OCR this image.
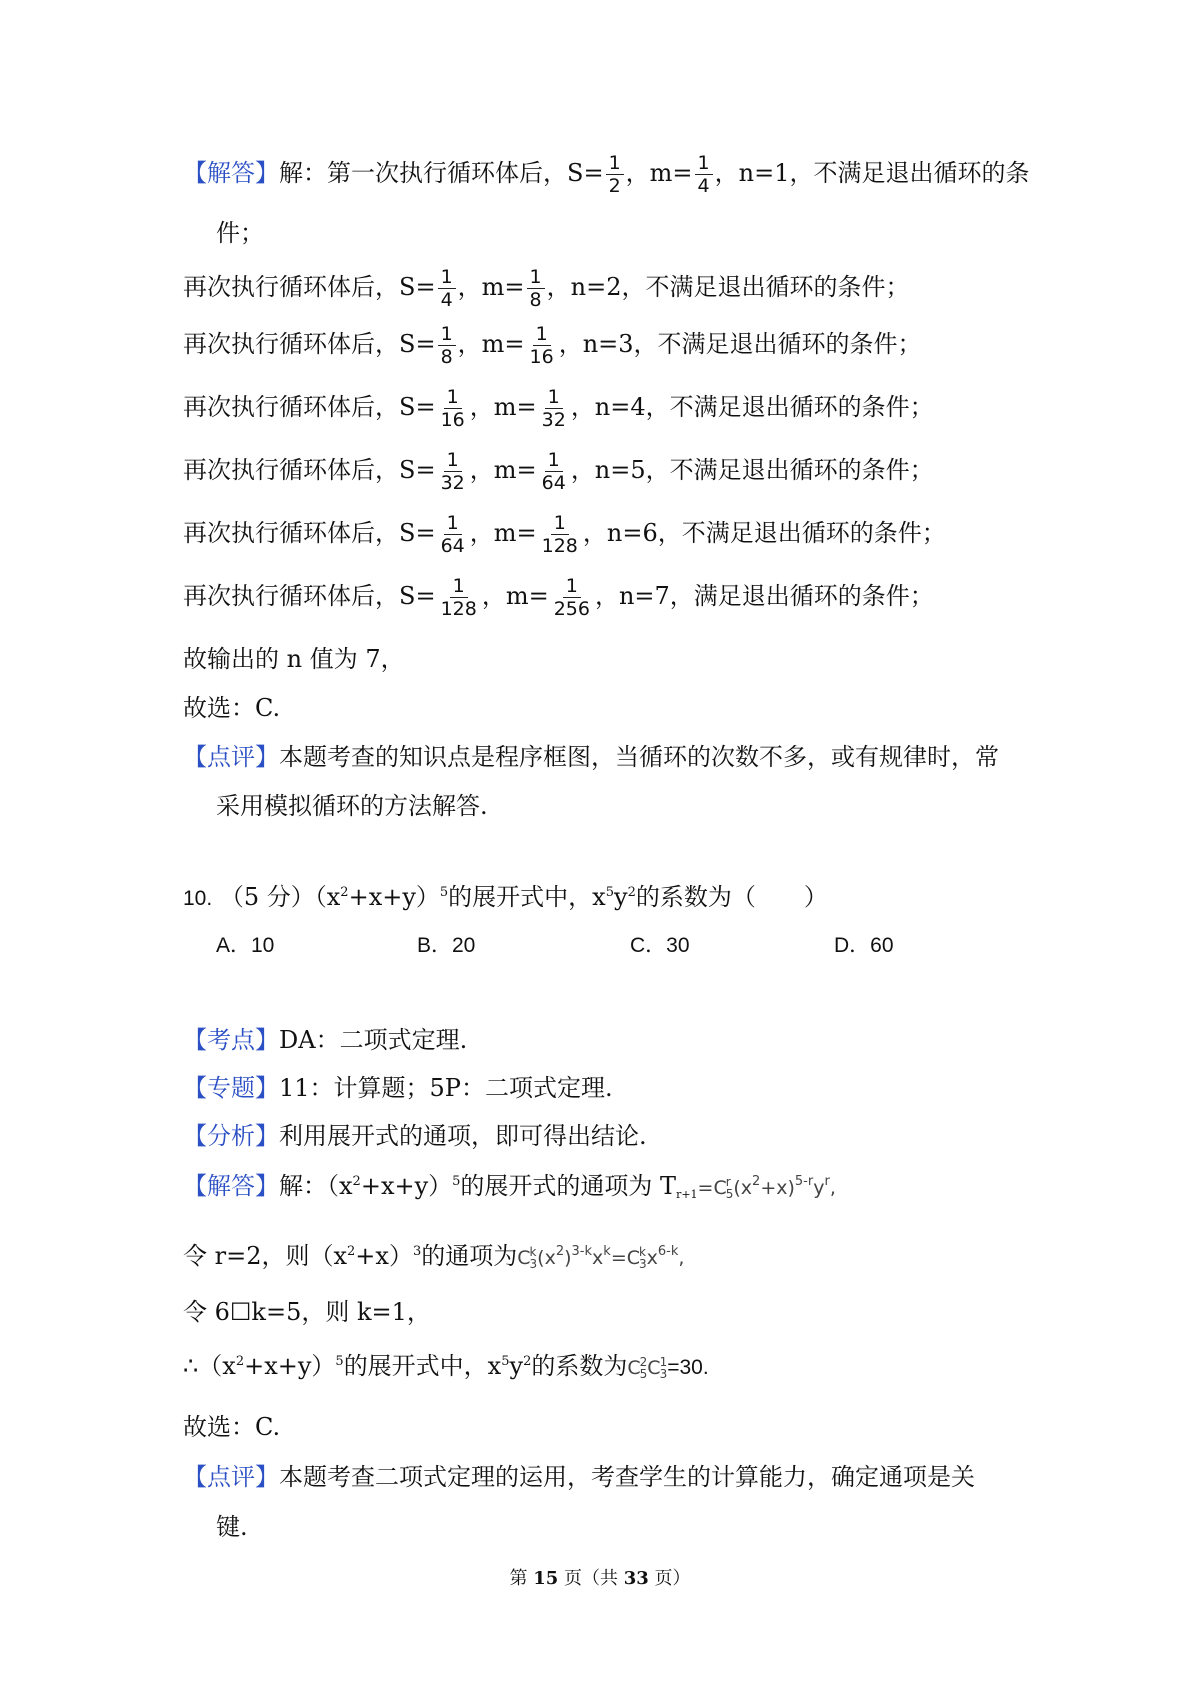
【解答】解：第一次执行循环体后，$S= \frac{1}{2}$ ，$m= \frac{1}{4}$ ，n=1，不满足退出循环的条
件；
再次执行循环体后，$S= \frac{1}{4}$ ，$m= \frac{1}{8}$ ，n=2，不满足退出循环的条件；
再次执行循环体后，$S= \frac{1}{8}$ ，$m= \frac{1}{16}$ ，n=3，不满足退出循环的条件；
再次执行循环体后，$S= \frac{1}{16}$ ，$m= \frac{1}{32}$ ，n=4，不满足退出循环的条件；
再次执行循环体后，$S= \frac{1}{32}$ ，$m= \frac{1}{64}$ ，n=5，不满足退出循环的条件；
再次执行循环体后，$S= \frac{1}{64}$ ，$m= \frac{1}{128}$ ，n=6，不满足退出循环的条件；
再次执行循环体后，$S= \frac{1}{128}$ ，$m= \frac{1}{256}$ ，n=7，满足退出循环的条件；
故输出的 n 值为 7，
故选：C.
【点评】本题考查的知识点是程序框图，当循环的次数不多，或有规律时，常
采用模拟循环的方法解答.
10. （5 分）$(x^2+x+y)^5$的展开式中，$x^5y^2$的系数为（　　）
A．10	B．20	C．30	D．60
【考点】DA：二项式定理.
【专题】11：计算题；5P：二项式定理.
【分析】利用展开式的通项，即可得出结论.
【解答】解：$(x^2+x+y)^5$的展开式的通项为 $T_{r+1}=C$ r
5 $(x^2+x)^{5-r}y^r$,
令 r=2，则$(x^2+x)^3$的通项为C k
3 $(x^2)^{3-k}x^k=C$ k
3 $x^{6-k}$,
令 6☐k=5，则 k=1，
$\therefore(x^2+x+y)^5$的展开式中，$x^5y^2$的系数为C 2
5 C 1
3 =30.
故选：C.
【点评】本题考查二项式定理的运用，考查学生的计算能力，确定通项是关
键.
第 15 页（共 33 页）
